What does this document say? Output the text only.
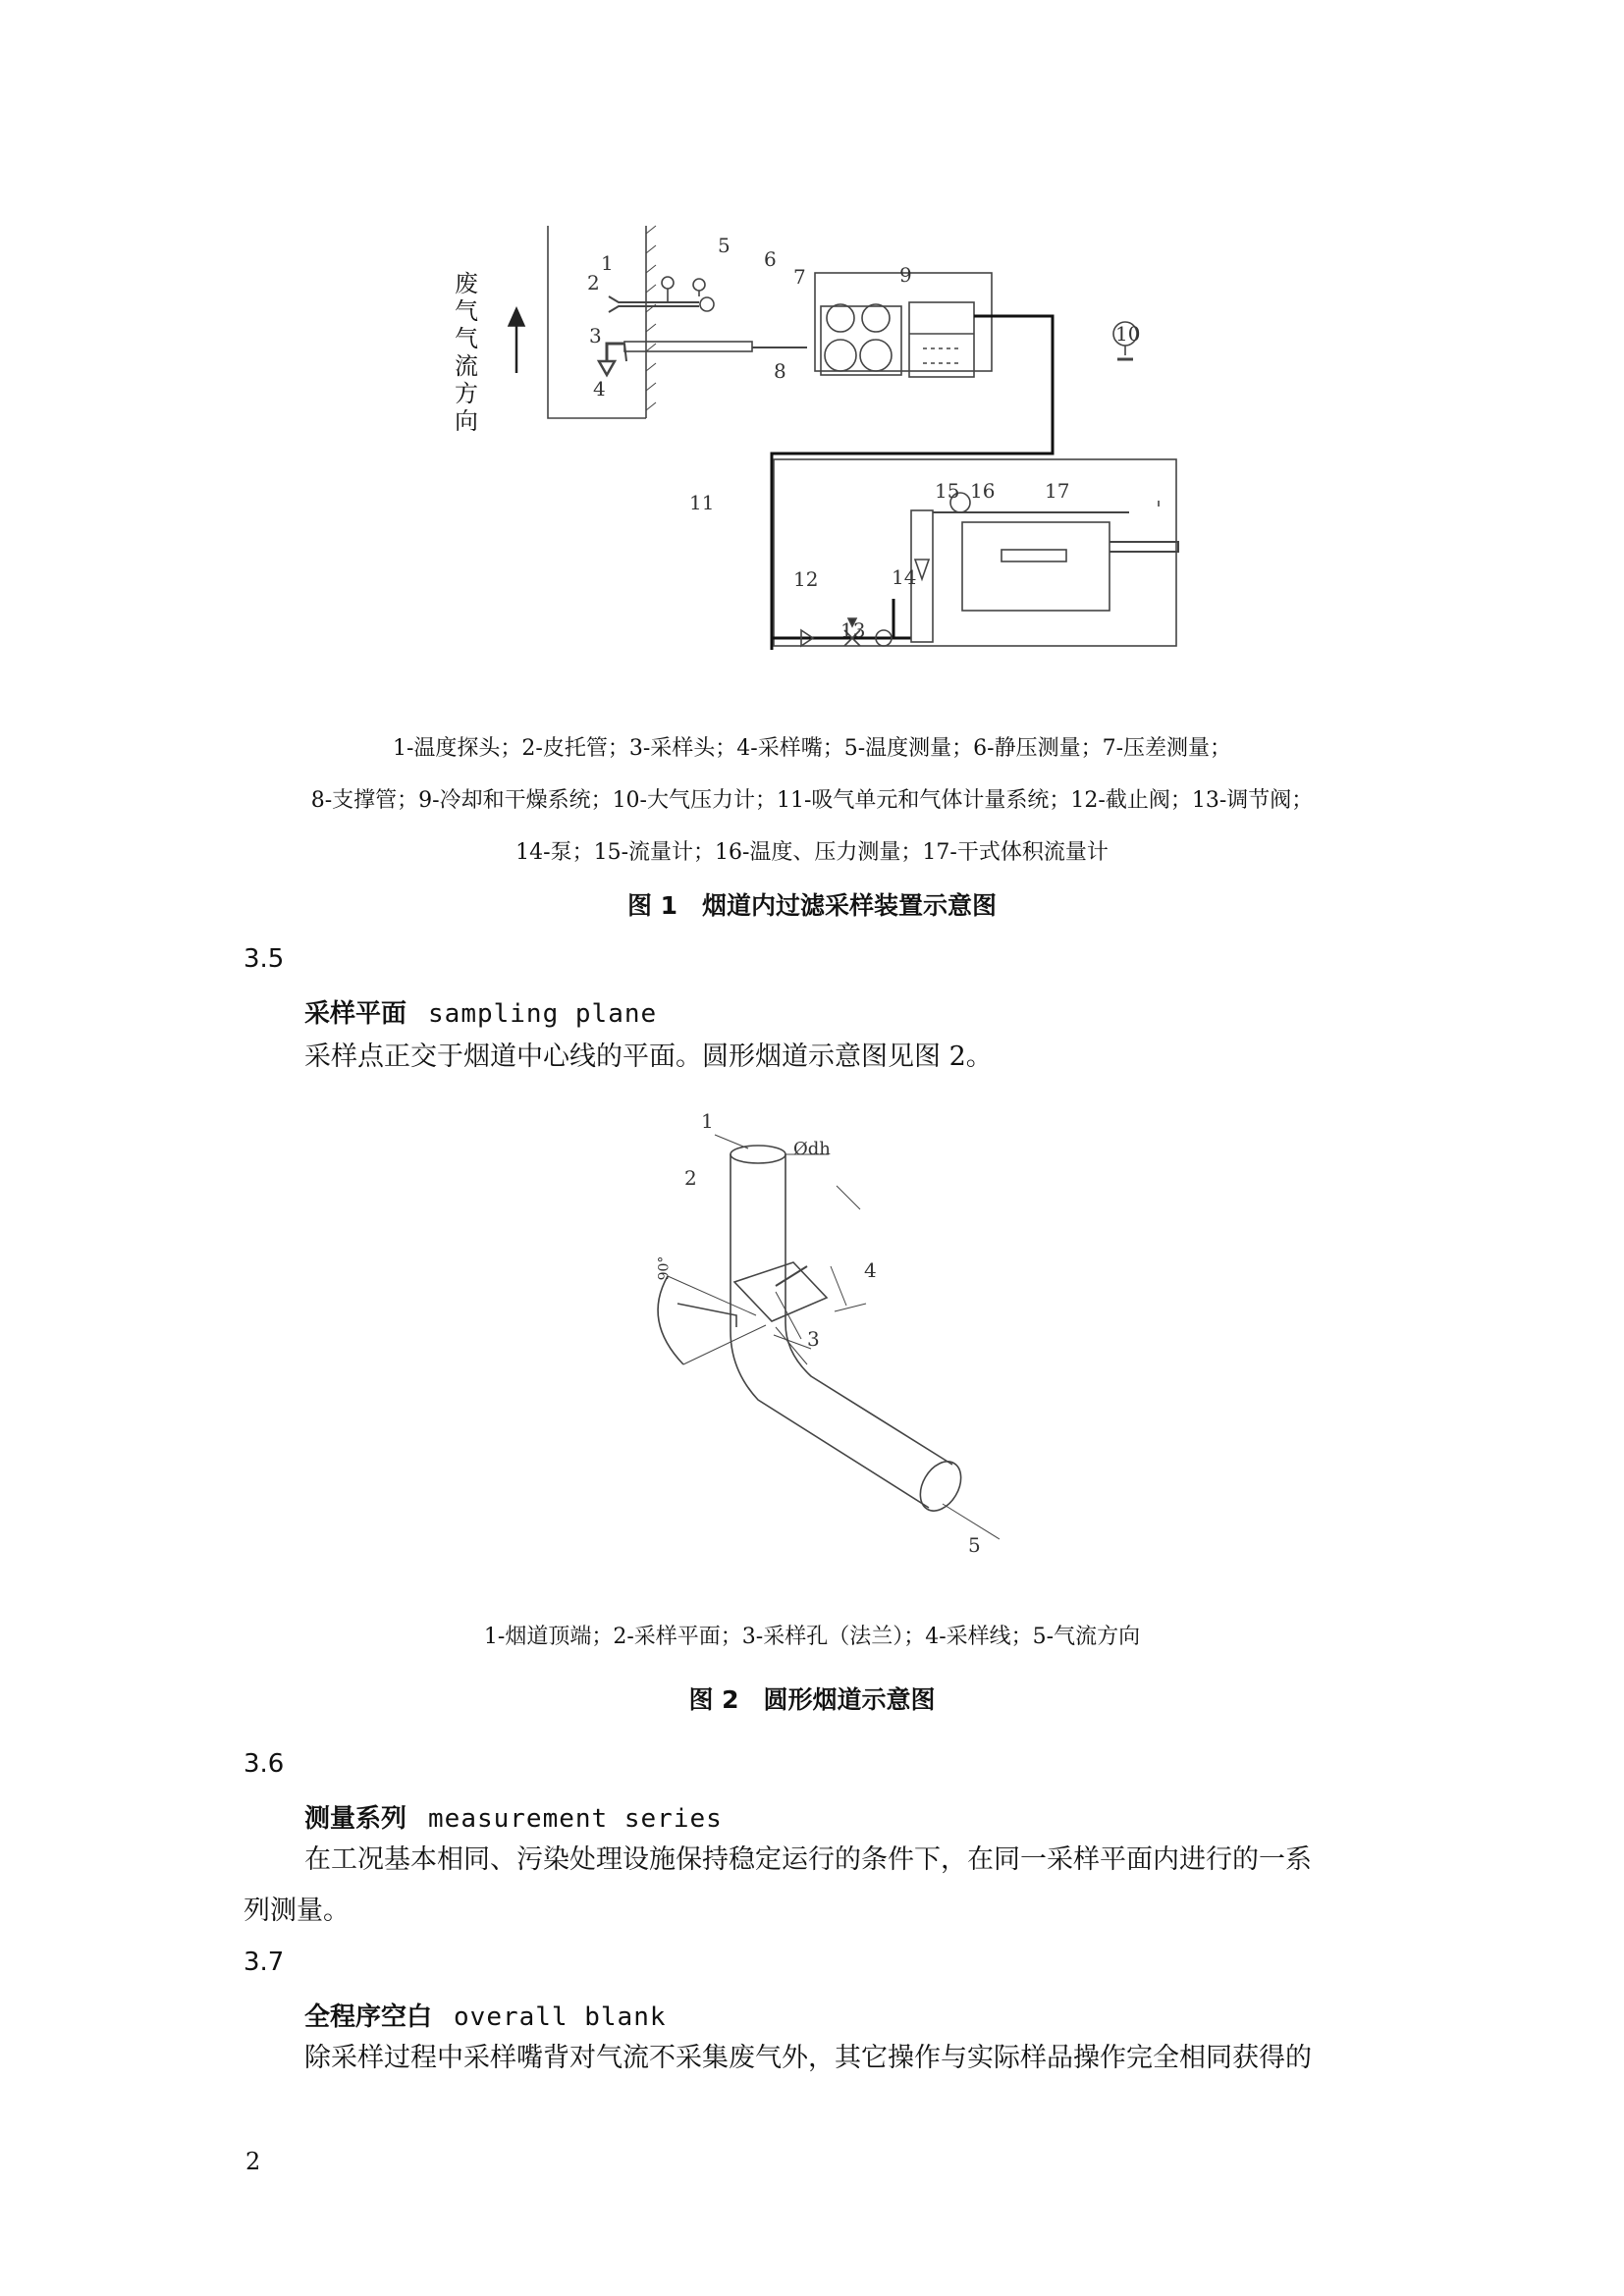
废
气
气
流
方
向
1
2
3
4
5
6
7
8
9
10
11
12
13
14
15 16	17
1-温度探头；2-皮托管；3-采样头；4-采样嘴；5-温度测量；6-静压测量；7-压差测量；
8-支撑管；9-冷却和干燥系统；10-大气压力计；11-吸气单元和气体计量系统；12-截止阀；13-调节阀；
14-泵；15-流量计；16-温度、压力测量；17-干式体积流量计
图 1　烟道内过滤采样装置示意图
3.5
采样平面 sampling plane
采样点正交于烟道中心线的平面。圆形烟道示意图见图 2。
1
2
3
4
5
Ødh
90°
1-烟道顶端；2-采样平面；3-采样孔（法兰）；4-采样线；5-气流方向
图 2　圆形烟道示意图
3.6
测量系列 measurement series
在工况基本相同、污染处理设施保持稳定运行的条件下，在同一采样平面内进行的一系
列测量。
3.7
全程序空白 overall blank
除采样过程中采样嘴背对气流不采集废气外，其它操作与实际样品操作完全相同获得的
2
